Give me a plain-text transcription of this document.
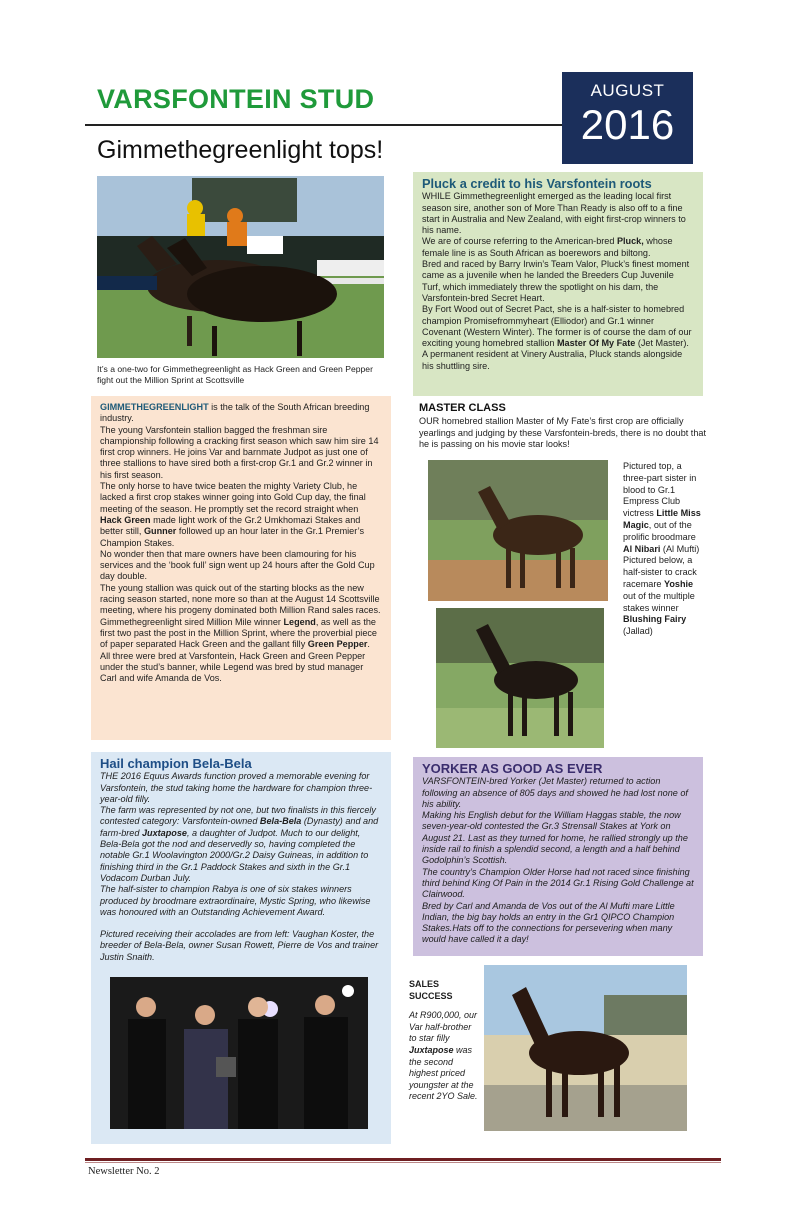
VARSFONTEIN STUD
Gimmethegreenlight tops!
AUGUST
2016
It’s a one-two for Gimmethegreenlight as Hack Green and Green Pepper fight out the Million Sprint at Scottsville
Pluck a credit to his Varsfontein roots

WHILE Gimmethegreenlight emerged as the leading local first season sire, another son of More Than Ready is also off to a fine start in Australia and New Zealand, with eight first-crop winners to his name.

We are of course referring to the American-bred Pluck, whose female line is as South African as boerewors and biltong.

Bred and raced by Barry Irwin’s Team Valor, Pluck’s finest moment came as a juvenile when he landed the Breeders Cup Juvenile Turf, which immediately threw the spotlight on his dam, the Varsfontein-bred Secret Heart.

By Fort Wood out of Secret Pact, she is a half-sister to homebred champion Promisefrommyheart (Elliodor) and Gr.1 winner Covenant (Western Winter). The former is of course the dam of our exciting young homebred stallion Master Of My Fate (Jet Master). A permanent resident at Vinery Australia, Pluck stands alongside his shuttling sire.

GIMMETHEGREENLIGHT is the talk of the South African breeding industry.

The young Varsfontein stallion bagged the freshman sire championship following a cracking first season which saw him sire 14 first crop winners. He joins Var and barnmate Judpot as just one of three stallions to have sired both a first-crop Gr.1 and Gr.2 winner in his first season.

The only horse to have twice beaten the mighty Variety Club, he lacked a first crop stakes winner going into Gold Cup day, the final meeting of the season. He promptly set the record straight when Hack Green made light work of the Gr.2 Umkhomazi Stakes and better still, Gunner followed up an hour later in the Gr.1 Premier’s Champion Stakes.

No wonder then that mare owners have been clamouring for his services and the ‘book full’ sign went up 24 hours after the Gold Cup day double.

The young stallion was quick out of the starting blocks as the new racing season started, none more so than at the August 14 Scottsville meeting, where his progeny dominated both Million Rand sales races.

Gimmethegreenlight sired Million Mile winner Legend, as well as the first two past the post in the Million Sprint, where the proverbial piece of paper separated Hack Green and the gallant filly Green Pepper.

All three were bred at Varsfontein, Hack Green and Green Pepper under the stud’s banner, while Legend was bred by stud manager Carl and wife Amanda de Vos.

MASTER CLASS

OUR homebred stallion Master of My Fate’s first crop are officially yearlings and judging by these Varsfontein-breds, there is no doubt that he is passing on his movie star looks!

Pictured top, a three-part sister in blood to Gr.1 Empress Club victress Little Miss Magic, out of the prolific broodmare Al Nibari (Al Mufti) Pictured below, a half-sister to crack racemare Yoshie out of the multiple stakes winner Blushing Fairy (Jallad)
Hail champion Bela-Bela

THE 2016 Equus Awards function proved a memorable evening for Varsfontein, the stud taking home the hardware for champion three-year-old filly.

The farm was represented by not one, but two finalists in this fiercely contested category: Varsfontein-owned Bela-Bela (Dynasty) and and farm-bred Juxtapose, a daughter of Judpot. Much to our delight, Bela-Bela got the nod and deservedly so, having completed the notable Gr.1 Woolavington 2000/Gr.2 Daisy Guineas, in addition to finishing third in the Gr.1 Paddock Stakes and sixth in the Gr.1 Vodacom Durban July.

The half-sister to champion Rabya is one of six stakes winners produced by broodmare extraordinaire, Mystic Spring, who likewise was honoured with an Outstanding Achievement Award.

Pictured receiving their accolades are from left: Vaughan Koster, the breeder of Bela-Bela, owner Susan Rowett, Pierre de Vos and trainer Justin Snaith.

YORKER AS GOOD AS EVER

VARSFONTEIN-bred Yorker (Jet Master) returned to action following an absence of 805 days and showed he had lost none of his ability.

Making his English debut for the William Haggas stable, the now seven-year-old contested the Gr.3 Strensall Stakes at York on August 21. Last as they turned for home, he rallied strongly up the inside rail to finish a splendid second, a length and a half behind Godolphin’s Scottish.

The country’s Champion Older Horse had not raced since finishing third behind King Of Pain in the 2014 Gr.1 Rising Gold Challenge at Clairwood.

Bred by Carl and Amanda de Vos out of the Al Mufti mare Little Indian, the big bay holds an entry in the Gr1 QIPCO Champion Stakes.Hats off to the connections for persevering when many would have called it a day!

SALES
SUCCESS
At R900,000, our Var half-brother to star filly Juxtapose was the second highest priced youngster at the recent 2YO Sale.
Newsletter No. 2
